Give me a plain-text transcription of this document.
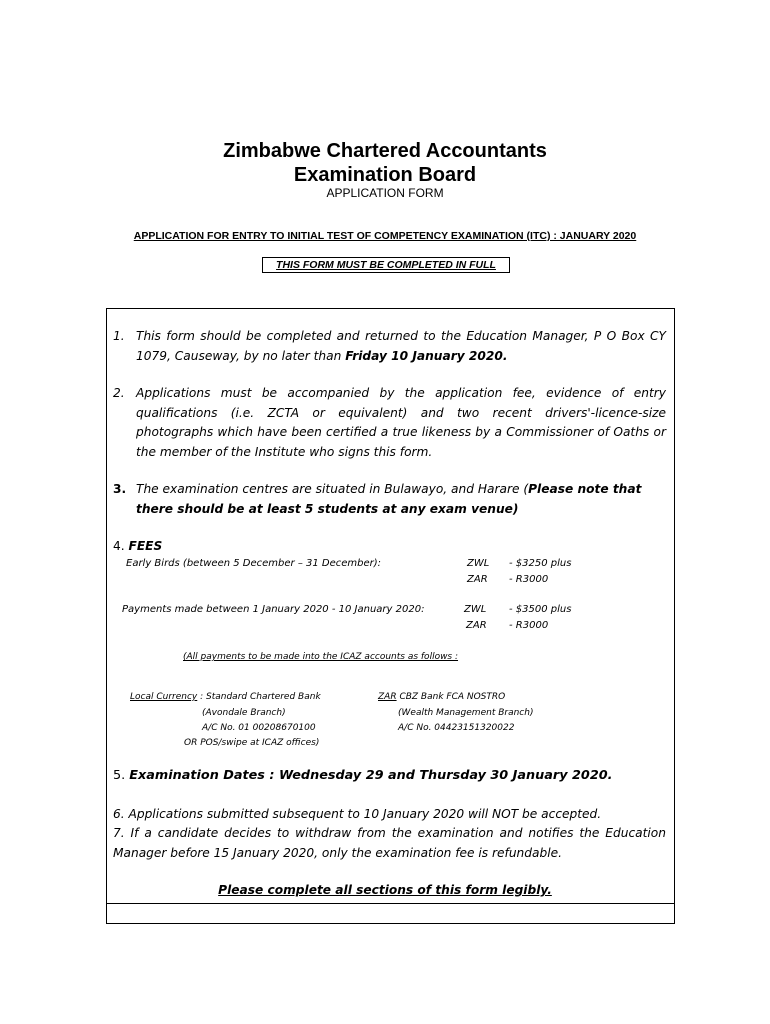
Zimbabwe Chartered Accountants
Examination Board
APPLICATION FORM
APPLICATION FOR ENTRY TO INITIAL TEST OF COMPETENCY EXAMINATION (ITC) : JANUARY 2020
THIS FORM MUST BE COMPLETED IN FULL
1. This form should be completed and returned to the Education Manager, P O Box CY 1079, Causeway, by no later than Friday 10 January 2020.
2. Applications must be accompanied by the application fee, evidence of entry qualifications (i.e. ZCTA or equivalent) and two recent drivers'-licence-size photographs which have been certified a true likeness by a Commissioner of Oaths or the member of the Institute who signs this form.
3. The examination centres are situated in Bulawayo, and Harare (Please note that there should be at least 5 students at any exam venue)
4. FEES
Early Birds (between 5 December – 31 December):	ZWL - $3250 plus
ZAR - R3000
Payments made between 1 January 2020 - 10 January 2020:	ZWL - $3500 plus
ZAR - R3000
(All payments to be made into the ICAZ accounts as follows :
Local Currency : Standard Chartered Bank
(Avondale Branch)
A/C No. 01 00208670100
OR POS/swipe at ICAZ offices)
ZAR CBZ Bank FCA NOSTRO
(Wealth Management Branch)
A/C No. 04423151320022
5. Examination Dates : Wednesday 29 and Thursday 30 January 2020.
6. Applications submitted subsequent to 10 January 2020 will NOT be accepted.
7. If a candidate decides to withdraw from the examination and notifies the Education Manager before 15 January 2020, only the examination fee is refundable.
Please complete all sections of this form legibly.
